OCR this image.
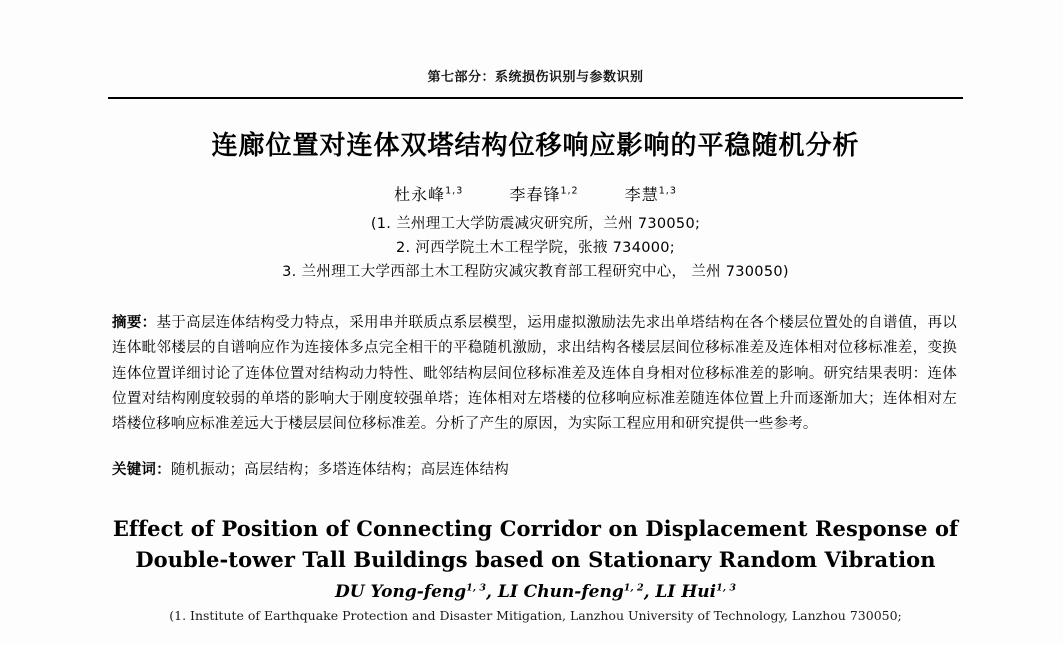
第七部分：系统损伤识别与参数识别
连廊位置对连体双塔结构位移响应影响的平稳随机分析
杜永峰$^{1,3}$	李春锋$^{1,2}$	李慧$^{1,3}$
(1. 兰州理工大学防震减灾研究所，兰州 730050;
2. 河西学院土木工程学院，张掖 734000;
3. 兰州理工大学西部土木工程防灾减灾教育部工程研究中心， 兰州 730050)
摘要：基于高层连体结构受力特点，采用串并联质点系层模型，运用虚拟激励法先求出单塔结构在各个楼层位置处的自谱值，再以连体毗邻楼层的自谱响应作为连接体多点完全相干的平稳随机激励，求出结构各楼层层间位移标准差及连体相对位移标准差，变换连体位置详细讨论了连体位置对结构动力特性、毗邻结构层间位移标准差及连体自身相对位移标准差的影响。研究结果表明：连体位置对结构刚度较弱的单塔的影响大于刚度较强单塔；连体相对左塔楼的位移响应标准差随连体位置上升而逐渐加大；连体相对左塔楼位移响应标准差远大于楼层层间位移标准差。分析了产生的原因，为实际工程应用和研究提供一些参考。
关键词：随机振动；高层结构；多塔连体结构；高层连体结构
Effect of Position of Connecting Corridor on Displacement Response of
Double-tower Tall Buildings based on Stationary Random Vibration
DU Yong-feng$^{1, 3}$, LI Chun-feng$^{1, 2}$, LI Hui$^{1, 3}$
(1. Institute of Earthquake Protection and Disaster Mitigation, Lanzhou University of Technology, Lanzhou 730050;
